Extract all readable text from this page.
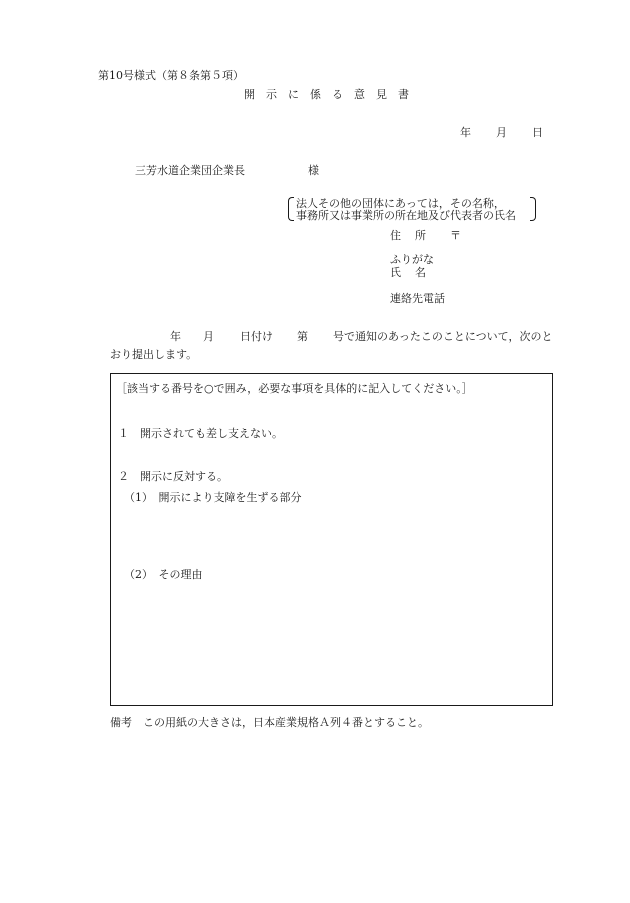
第10号様式（第８条第５項）
開示に係る意見書
年 月 日
三芳水道企業団企業長	様
法人その他の団体にあっては，その名称，
事務所又は事業所の所在地及び代表者の氏名
住所 〒
ふりがな
氏名
連絡先電話
年 月 日付け 第 号で通知のあったこのことについて，次のと
おり提出します。
［該当する番号を○で囲み，必要な事項を具体的に記入してください。］
１　開示されても差し支えない。
２　開示に反対する。
（1）　開示により支障を生ずる部分
（2）　その理由
備考　この用紙の大きさは，日本産業規格Ａ列４番とすること。
